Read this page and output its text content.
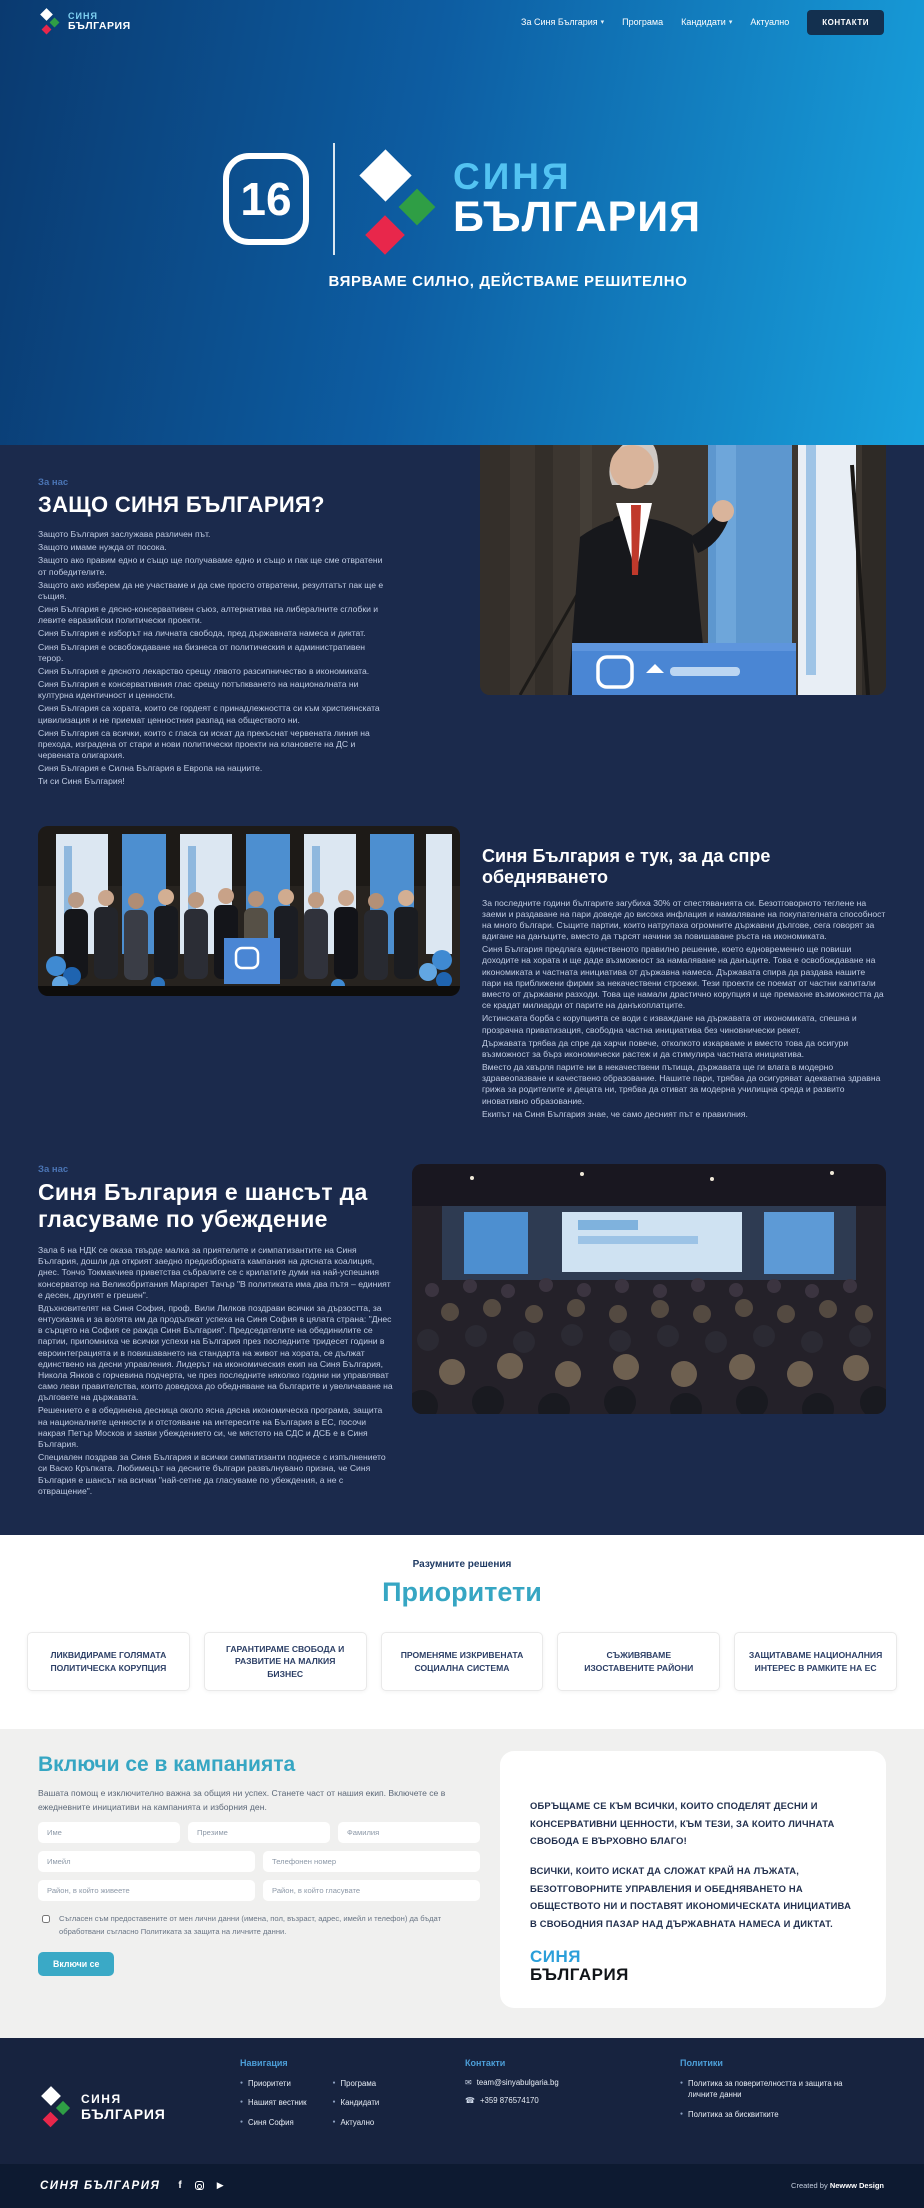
СИНЯ
БЪЛГАРИЯ	За Синя България ▾ Програма Кандидати ▾ Актуално	КОНТАКТИ
16	СИНЯ
БЪЛГАРИЯ
ВЯРВАМЕ СИЛНО, ДЕЙСТВАМЕ РЕШИТЕЛНО
За нас
ЗАЩО СИНЯ БЪЛГАРИЯ?

Защото България заслужава различен път.

Защото имаме нужда от посока.

Защото ако правим едно и също ще получаваме едно и също и пак ще сме отвратени от победителите.

Защото ако изберем да не участваме и да сме просто отвратени, резултатът пак ще е същия.

Синя България е дясно-консервативен съюз, алтернатива на либералните сглобки и левите евразийски политически проекти.

Синя България е изборът на личната свобода, пред държавната намеса и диктат.

Синя България е освобождаване на бизнеса от политическия и административен терор.

Синя България е дясното лекарство срещу лявото разсипничество в икономиката.

Синя България е консервативния глас срещу потъпкването на националната ни културна идентичност и ценности.

Синя България са хората, които се гордеят с принадлежността си към християнската цивилизация и не приемат ценностния разпад на обществото ни.

Синя България са всички, които с гласа си искат да прекъснат червената линия на прехода, изградена от стари и нови политически проекти на клановете на ДС и червената олигархия.

Синя България е Силна България в Европа на нациите.

Ти си Синя България!

Синя България е тук, за да спре обедняването

За последните години българите загубиха 30% от спестяванията си. Безотговорното теглене на заеми и раздаване на пари доведе до висока инфлация и намаляване на покупателната способност на много българи. Същите партии, които натрупаха огромните държавни дългове, сега говорят за вдигане на данъците, вместо да търсят начини за повишаване ръста на икономиката.

Синя България предлага единственото правилно решение, което едновременно ще повиши доходите на хората и ще даде възможност за намаляване на данъците. Това е освобождаване на икономиката и частната инициатива от държавна намеса. Държавата спира да раздава нашите пари на приближени фирми за некачествени строежи. Тези проекти се поемат от частни капитали вместо от държавни разходи. Това ще намали драстично корупция и ще премахне възможността да се крадат милиарди от парите на данъкоплатците.

Истинската борба с корупцията се води с изваждане на държавата от икономиката, спешна и прозрачна приватизация, свободна частна инициатива без чиновнически рекет.

Държавата трябва да спре да харчи повече, отколкото изкарваме и вместо това да осигури възможност за бърз икономически растеж и да стимулира частната инициатива.

Вместо да хвърля парите ни в некачествени пътища, държавата ще ги влага в модерно здравеопазване и качествено образование. Нашите пари, трябва да осигуряват адекватна здравна грижа за родителите и децата ни, трябва да отиват за модерна училищна среда и развито иновативно образование.

Екипът на Синя България знае, че само десният път е правилния.

За нас
Синя България е шансът да гласуваме по убеждение

Зала 6 на НДК се оказа твърде малка за приятелите и симпатизантите на Синя България, дошли да открият заедно предизборната кампания на дясната коалиция, днес. Тончо Токмакчиев приветства събралите се с крилатите думи на най-успешния консерватор на Великобритания Маргарет Тачър "В политиката има два пътя – единият е десен, другият е грешен".

Вдъхновителят на Синя София, проф. Вили Лилков поздрави всички за дързостта, за ентусиазма и за волята им да продължат успеха на Синя София в цялата страна: "Днес в сърцето на София се ражда Синя България". Председателите на обединилите се партии, припомниха че всички успехи на България през последните тридесет години в евроинтеграцията и в повишаването на стандарта на живот на хората, се дължат единствено на десни управления. Лидерът на икономическия екип на Синя България, Никола Янков с горчевина подчерта, че през последните няколко години ни управляват само леви правителства, които доведоха до обедняване на българите и увеличаване на дълговете на държавата.

Решението е в обединена десница около ясна дясна икономическа програма, защита на националните ценности и отстояване на интересите на България в ЕС, посочи накрая Петър Москов и заяви убеждението си, че мястото на СДС и ДСБ е в Синя България.

Специален поздрав за Синя България и всички симпатизанти поднесе с изпълнението си Васко Кръпката. Любимецът на десните българи развълнувано призна, че Синя България е шансът на всички "най-сетне да гласуваме по убеждения, а не с отвращение".

Разумните решения
Приоритети
ЛИКВИДИРАМЕ ГОЛЯМАТА ПОЛИТИЧЕСКА КОРУПЦИЯ
ГАРАНТИРАМЕ СВОБОДА И РАЗВИТИЕ НА МАЛКИЯ БИЗНЕС
ПРОМЕНЯМЕ ИЗКРИВЕНАТА СОЦИАЛНА СИСТЕМА
СЪЖИВЯВАМЕ ИЗОСТАВЕНИТЕ РАЙОНИ
ЗАЩИТАВАМЕ НАЦИОНАЛНИЯ ИНТЕРЕС В РАМКИТЕ НА ЕС
Включи се в кампанията
Вашата помощ е изключително важна за общия ни успех. Станете част от нашия екип. Включете се в ежедневните инициативи на кампанията и изборния ден.
Име
Презиме
Фамилия
Имейл
Телефонен номер
Район, в който живеете
Район, в който гласувате
Съгласен съм предоставените от мен лични данни (имена, пол, възраст, адрес, имейл и телефон) да бъдат обработвани съгласно Политиката за защита на личните данни.
Включи се

ОБРЪЩАМЕ СЕ КЪМ ВСИЧКИ, КОИТО СПОДЕЛЯТ ДЕСНИ И КОНСЕРВАТИВНИ ЦЕННОСТИ, КЪМ ТЕЗИ, ЗА КОИТО ЛИЧНАТА СВОБОДА Е ВЪРХОВНО БЛАГО!

ВСИЧКИ, КОИТО ИСКАТ ДА СЛОЖАТ КРАЙ НА ЛЪЖАТА, БЕЗОТГОВОРНИТЕ УПРАВЛЕНИЯ И ОБЕДНЯВАНЕТО НА ОБЩЕСТВОТО НИ И ПОСТАВЯТ ИКОНОМИЧЕСКАТА ИНИЦИАТИВА В СВОБОДНИЯ ПАЗАР НАД ДЪРЖАВНАТА НАМЕСА И ДИКТАТ.

СИНЯ
БЪЛГАРИЯ
СИНЯ
БЪЛГАРИЯ
Навигация
● Приоритети
● Нашият вестник
● Синя София
● Програма
● Кандидати
● Актуално
Контакти
✉ team@sinyabulgaria.bg
☎ +359 876574170
Политики
● Политика за поверителността и защита на личните данни
● Политика за бисквитките
СИНЯ БЪЛГАРИЯ f	▶	Created by Newww Design
